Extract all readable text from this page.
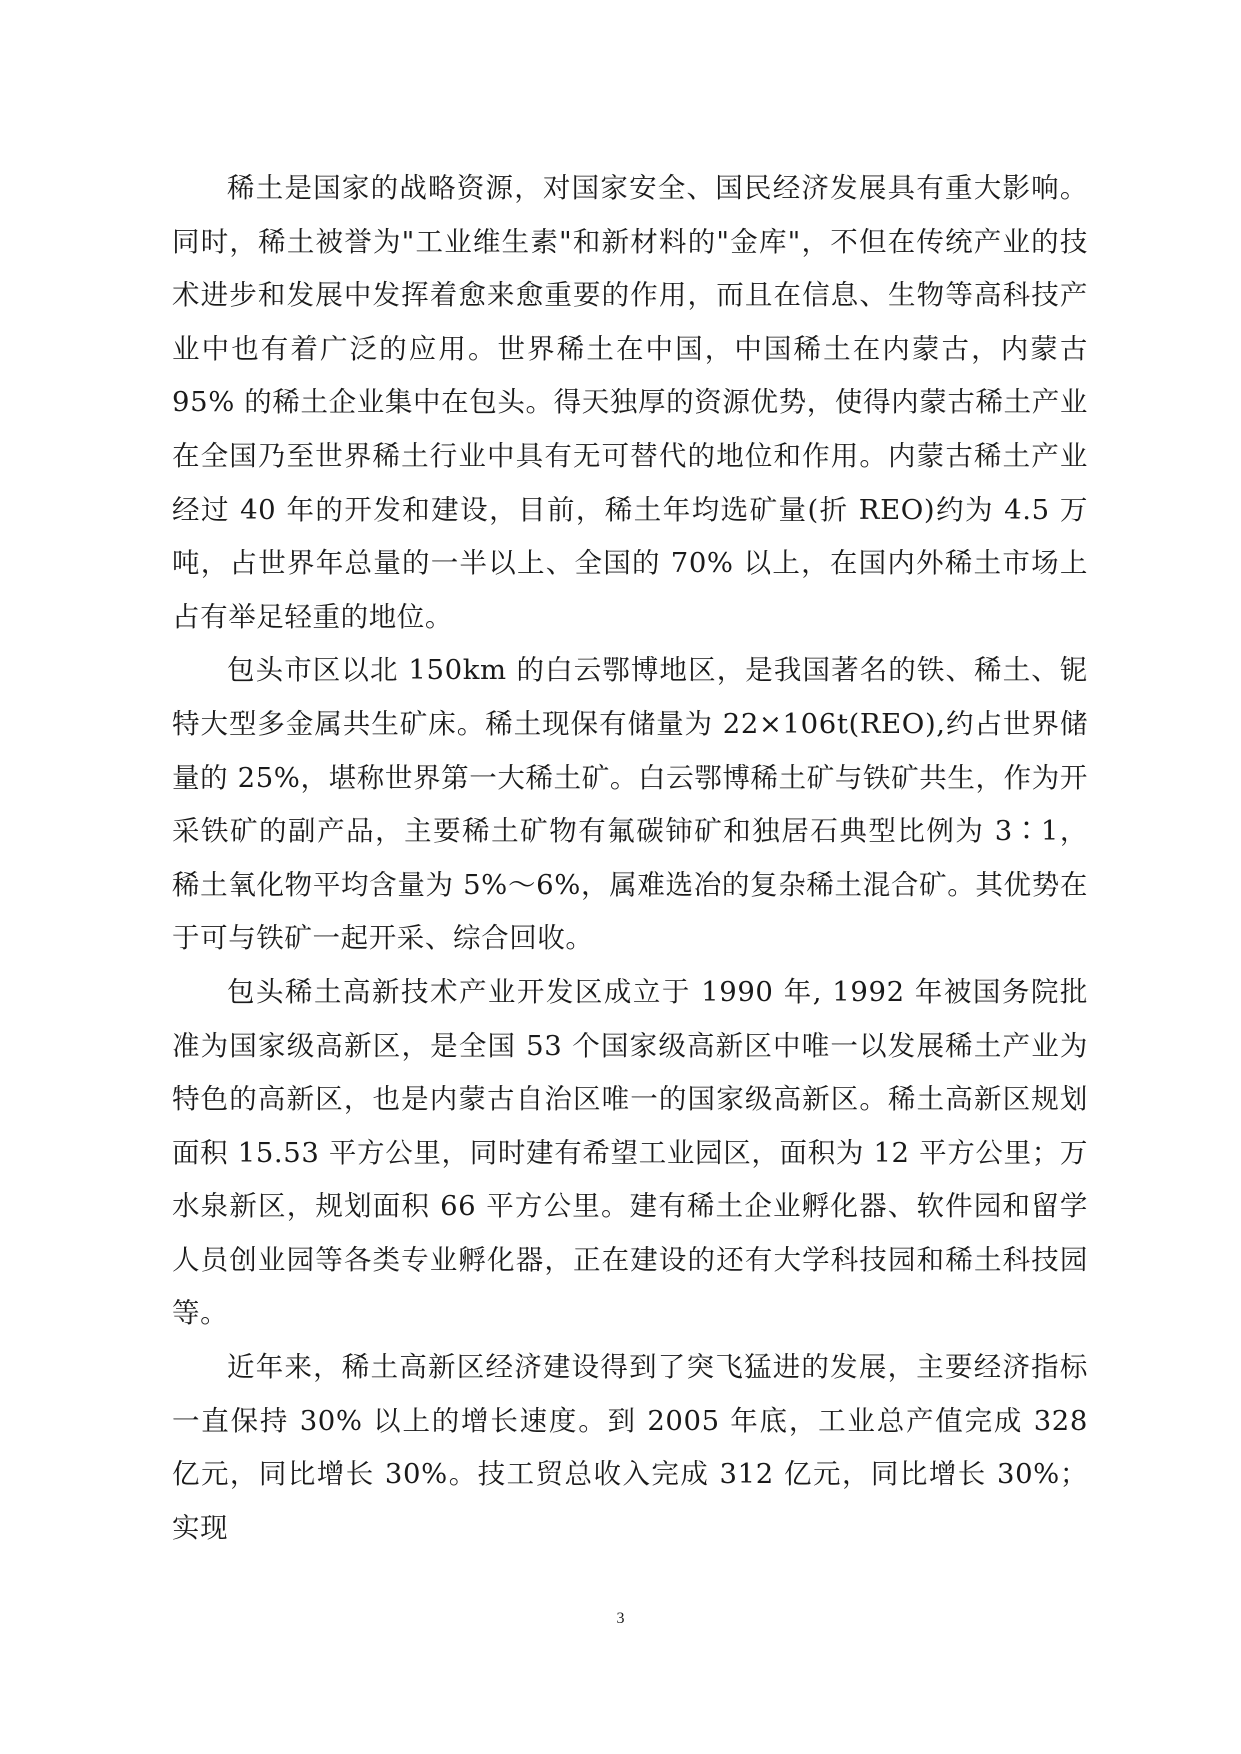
稀土是国家的战略资源，对国家安全、国民经济发展具有重大影响。同时，稀土被誉为"工业维生素"和新材料的"金库"，不但在传统产业的技术进步和发展中发挥着愈来愈重要的作用，而且在信息、生物等高科技产业中也有着广泛的应用。世界稀土在中国，中国稀土在内蒙古，内蒙古 95% 的稀土企业集中在包头。得天独厚的资源优势，使得内蒙古稀土产业在全国乃至世界稀土行业中具有无可替代的地位和作用。内蒙古稀土产业经过 40 年的开发和建设，目前，稀土年均选矿量(折 REO)约为 4.5 万吨，占世界年总量的一半以上、全国的 70% 以上，在国内外稀土市场上占有举足轻重的地位。

包头市区以北 150km 的白云鄂博地区，是我国著名的铁、稀土、铌特大型多金属共生矿床。稀土现保有储量为 22×106t(REO),约占世界储量的 25%，堪称世界第一大稀土矿。白云鄂博稀土矿与铁矿共生，作为开采铁矿的副产品，主要稀土矿物有氟碳铈矿和独居石典型比例为 3∶1，稀土氧化物平均含量为 5%～6%，属难选冶的复杂稀土混合矿。其优势在于可与铁矿一起开采、综合回收。

包头稀土高新技术产业开发区成立于 1990 年, 1992 年被国务院批准为国家级高新区，是全国 53 个国家级高新区中唯一以发展稀土产业为特色的高新区，也是内蒙古自治区唯一的国家级高新区。稀土高新区规划面积 15.53 平方公里，同时建有希望工业园区，面积为 12 平方公里；万水泉新区，规划面积 66 平方公里。建有稀土企业孵化器、软件园和留学人员创业园等各类专业孵化器，正在建设的还有大学科技园和稀土科技园等。

近年来，稀土高新区经济建设得到了突飞猛进的发展，主要经济指标一直保持 30% 以上的增长速度。到 2005 年底，工业总产值完成 328 亿元，同比增长 30%。技工贸总收入完成 312 亿元，同比增长 30%；实现

3
